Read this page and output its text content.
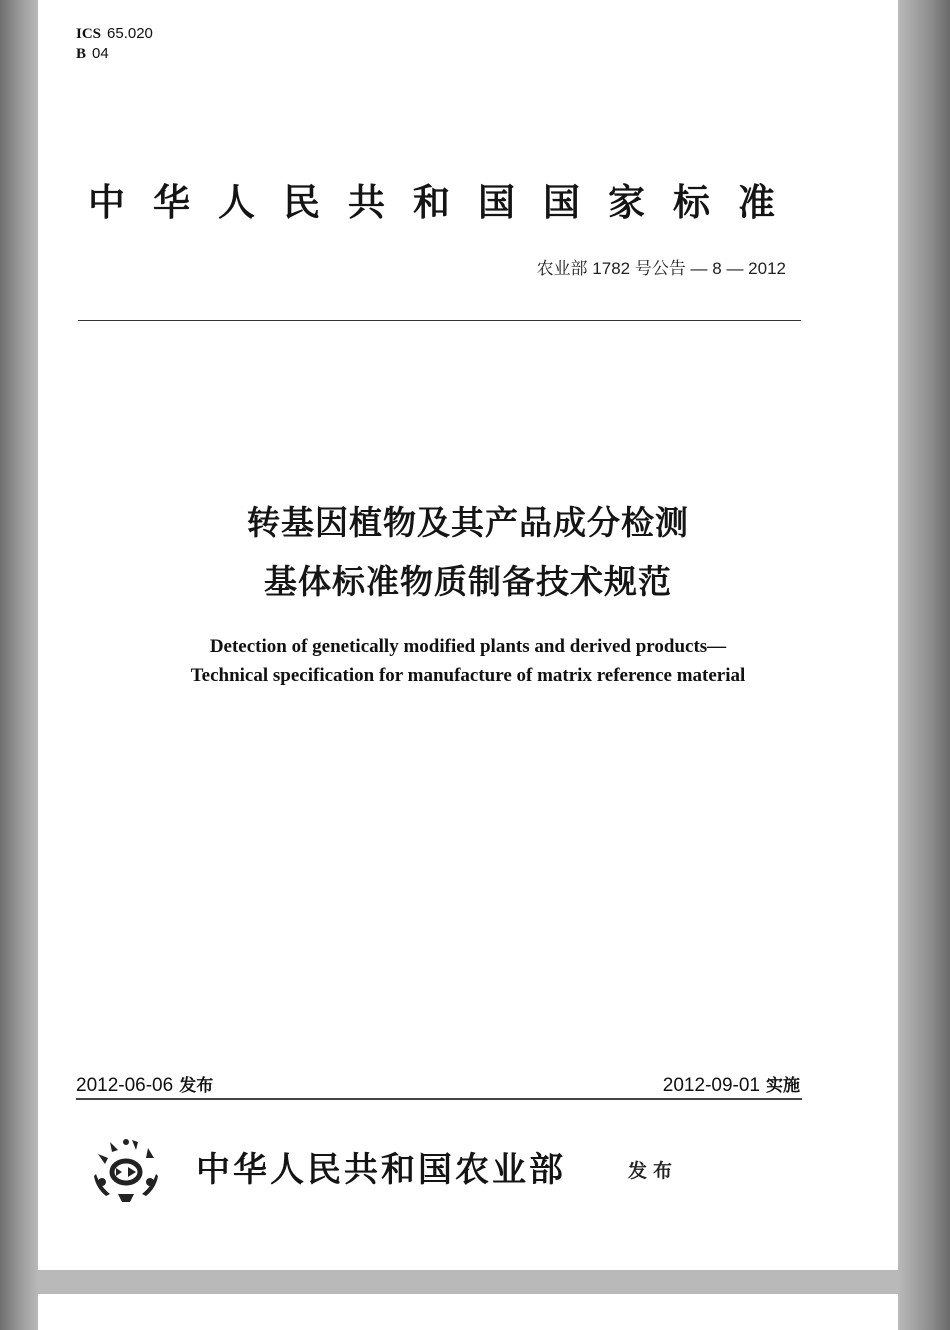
ICS 65.020
B 04
中华人民共和国国家标准
农业部 1782 号公告 — 8 — 2012
转基因植物及其产品成分检测
基体标准物质制备技术规范
Detection of genetically modified plants and derived products—
Technical specification for manufacture of matrix reference material
2012-06-06 发布	2012-09-01 实施
中华人民共和国农业部	发布
